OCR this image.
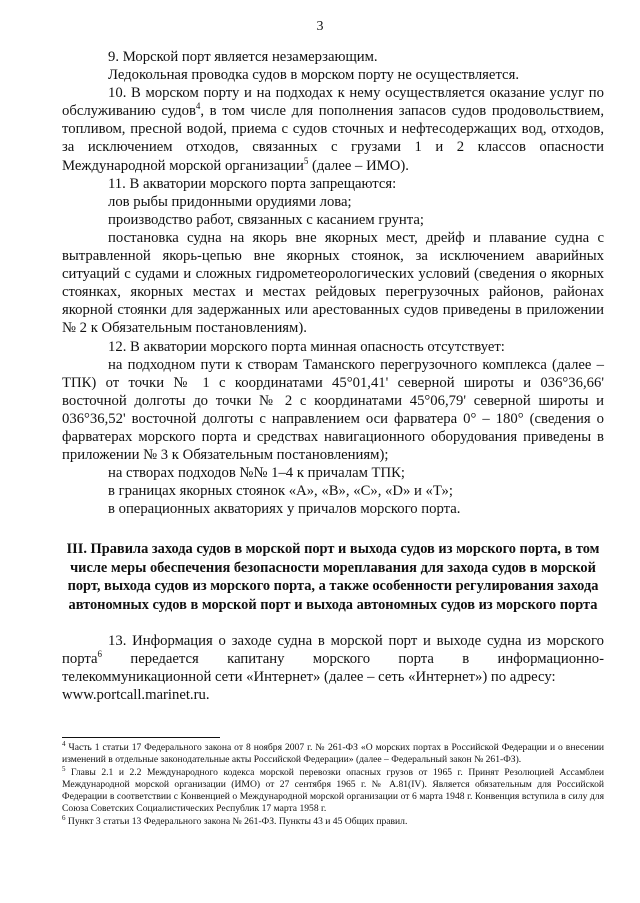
3

9. Морской порт является незамерзающим.

Ледокольная проводка судов в морском порту не осуществляется.

10. В морском порту и на подходах к нему осуществляется оказание услуг по обслуживанию судов$^4$, в том числе для пополнения запасов судов продовольствием, топливом, пресной водой, приема с судов сточных и нефтесодержащих вод, отходов, за исключением отходов, связанных с грузами 1 и 2 классов опасности Международной морской организации$^5$ (далее – ИМО).

11. В акватории морского порта запрещаются:

лов рыбы придонными орудиями лова;

производство работ, связанных с касанием грунта;

постановка судна на якорь вне якорных мест, дрейф и плавание судна с вытравленной якорь-цепью вне якорных стоянок, за исключением аварийных ситуаций с судами и сложных гидрометеорологических условий (сведения о якорных стоянках, якорных местах и местах рейдовых перегрузочных районов, районах якорной стоянки для задержанных или арестованных судов приведены в приложении № 2 к Обязательным постановлениям).

12. В акватории морского порта минная опасность отсутствует:

на подходном пути к створам Таманского перегрузочного комплекса (далее – ТПК) от точки № 1 с координатами 45°01,41' северной широты и 036°36,66' восточной долготы до точки № 2 с координатами 45°06,79' северной широты и 036°36,52' восточной долготы с направлением оси фарватера 0° – 180° (сведения о фарватерах морского порта и средствах навигационного оборудования приведены в приложении № 3 к Обязательным постановлениям);

на створах подходов №№ 1–4 к причалам ТПК;

в границах якорных стоянок «А», «В», «С», «D» и «Т»;

в операционных акваториях у причалов морского порта.

III. Правила захода судов в морской порт и выхода судов из морского порта, в том числе меры обеспечения безопасности мореплавания для захода судов в морской порт, выхода судов из морского порта, а также особенности регулирования захода автономных судов в морской порт и выхода автономных судов из морского порта

13. Информация о заходе судна в морской порт и выходе судна из морского порта$^6$ передается капитану морского порта в информационно-телекоммуникационной сети «Интернет» (далее – сеть «Интернет») по адресу:

www.portcall.marinet.ru.

$^4$ Часть 1 статьи 17 Федерального закона от 8 ноября 2007 г. № 261-ФЗ «О морских портах в Российской Федерации и о внесении изменений в отдельные законодательные акты Российской Федерации» (далее – Федеральный закон № 261-ФЗ).

$^5$ Главы 2.1 и 2.2 Международного кодекса морской перевозки опасных грузов от 1965 г. Принят Резолюцией Ассамблеи Международной морской организации (ИМО) от 27 сентября 1965 г. № A.81(IV). Является обязательным для Российской Федерации в соответствии с Конвенцией о Международной морской организации от 6 марта 1948 г. Конвенция вступила в силу для Союза Советских Социалистических Республик 17 марта 1958 г.

$^6$ Пункт 3 статьи 13 Федерального закона № 261-ФЗ. Пункты 43 и 45 Общих правил.
